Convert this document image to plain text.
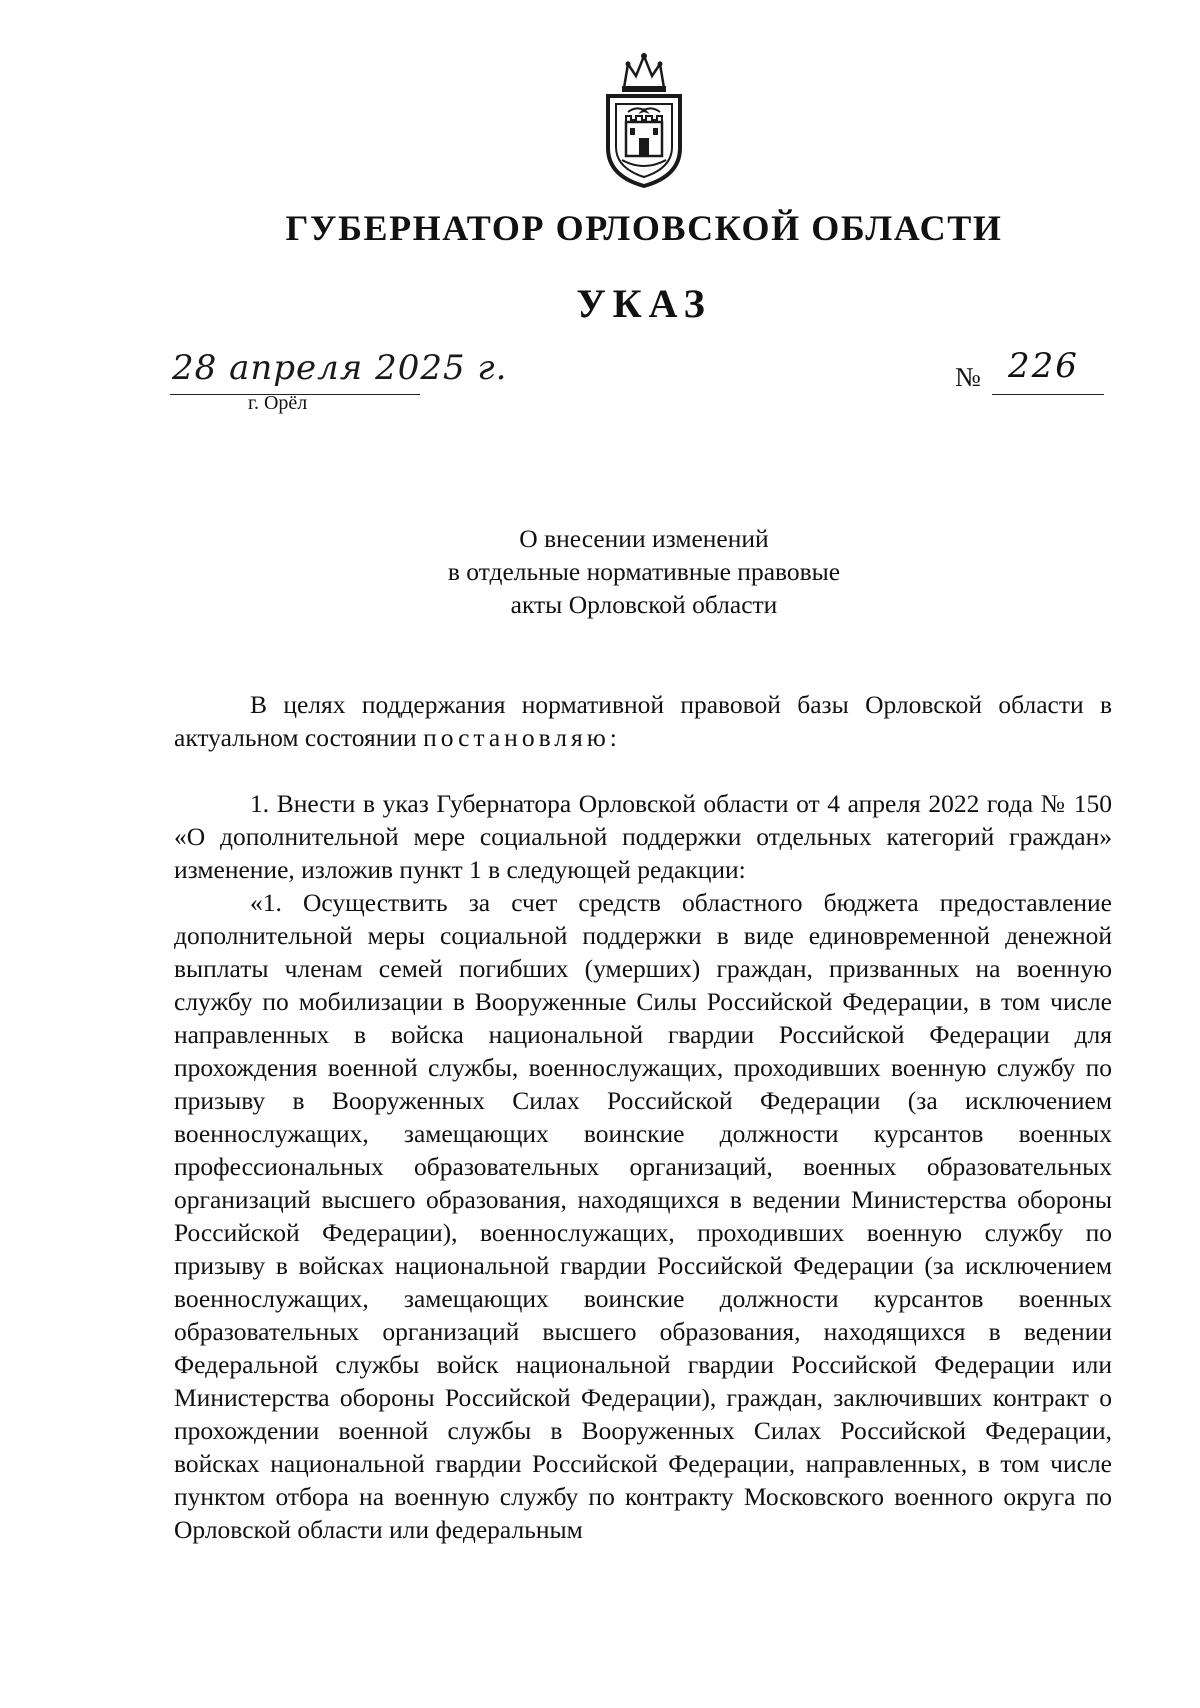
ГУБЕРНАТОР ОРЛОВСКОЙ ОБЛАСТИ
УКАЗ
28 апреля 2025 г.
г. Орёл
№ 226
О внесении изменений
в отдельные нормативные правовые
акты Орловской области

В целях поддержания нормативной правовой базы Орловской области в актуальном состоянии постановляю:

1. Внести в указ Губернатора Орловской области от 4 апреля 2022 года № 150 «О дополнительной мере социальной поддержки отдельных категорий граждан» изменение, изложив пункт 1 в следующей редакции:

«1. Осуществить за счет средств областного бюджета предоставление дополнительной меры социальной поддержки в виде единовременной денежной выплаты членам семей погибших (умерших) граждан, призванных на военную службу по мобилизации в Вооруженные Силы Российской Федерации, в том числе направленных в войска национальной гвардии Российской Федерации для прохождения военной службы, военнослужащих, проходивших военную службу по призыву в Вооруженных Силах Российской Федерации (за исключением военнослужащих, замещающих воинские должности курсантов военных профессиональных образовательных организаций, военных образовательных организаций высшего образования, находящихся в ведении Министерства обороны Российской Федерации), военнослужащих, проходивших военную службу по призыву в войсках национальной гвардии Российской Федерации (за исключением военнослужащих, замещающих воинские должности курсантов военных образовательных организаций высшего образования, находящихся в ведении Федеральной службы войск национальной гвардии Российской Федерации или Министерства обороны Российской Федерации), граждан, заключивших контракт о прохождении военной службы в Вооруженных Силах Российской Федерации, войсках национальной гвардии Российской Федерации, направленных, в том числе пунктом отбора на военную службу по контракту Московского военного округа по Орловской области или федеральным
